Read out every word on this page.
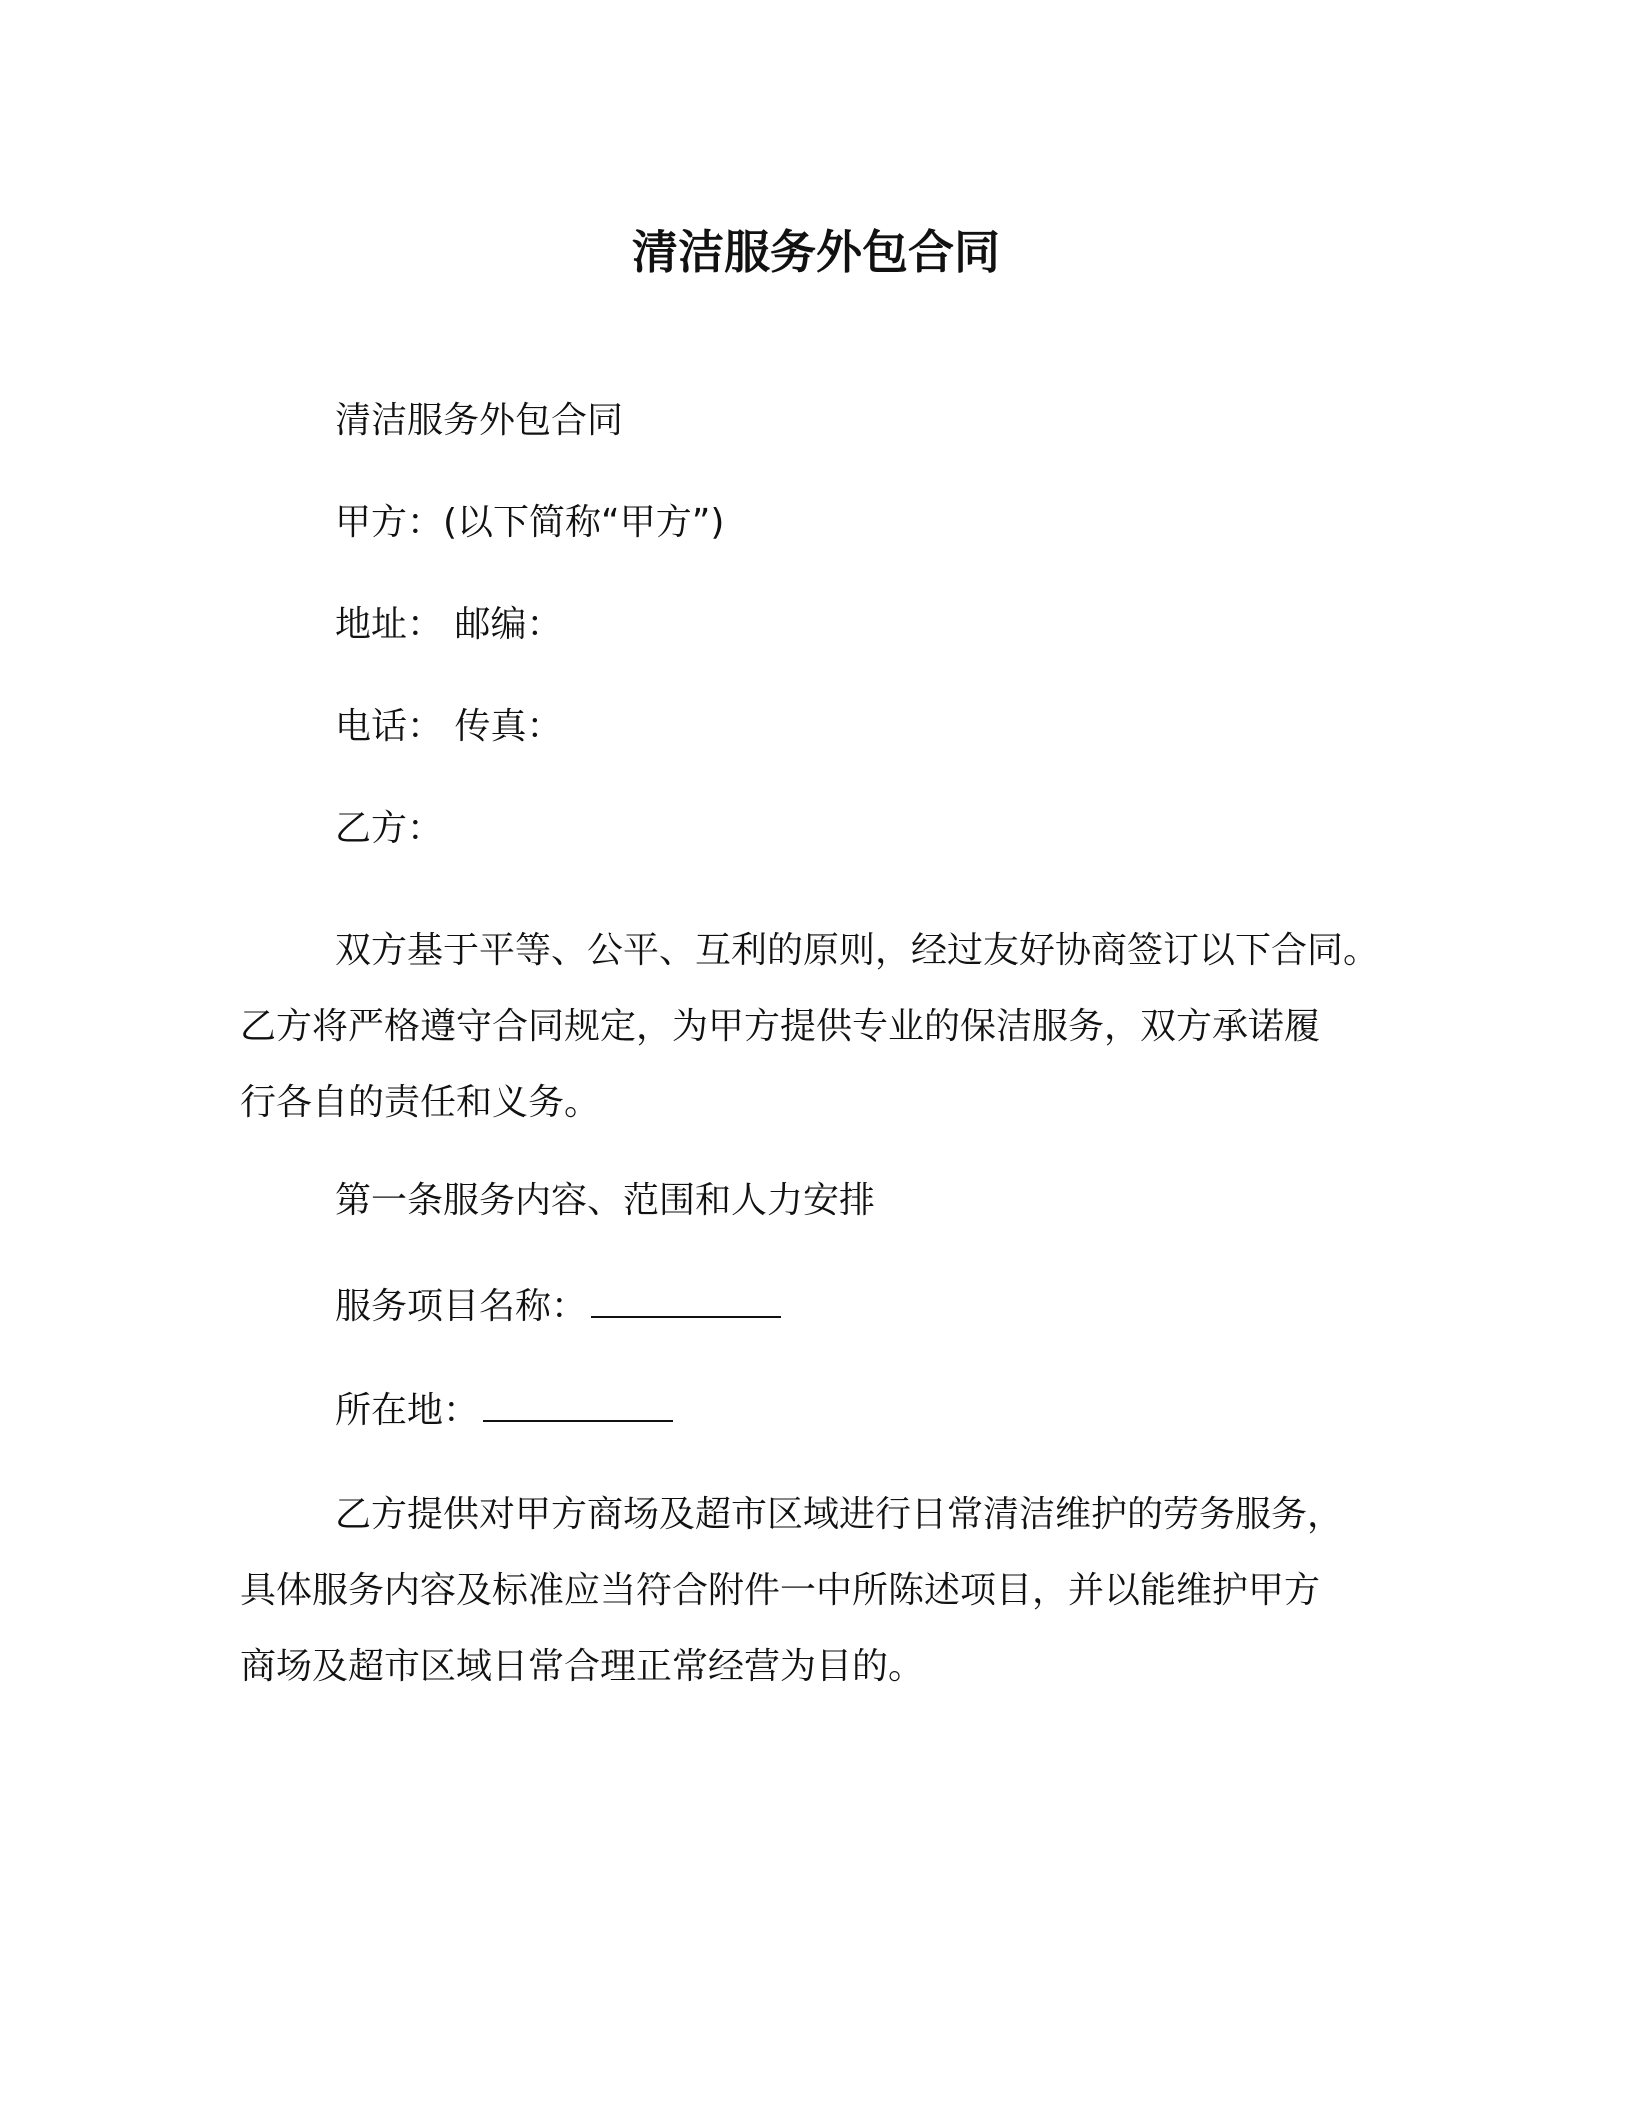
清洁服务外包合同
清洁服务外包合同
甲方：(以下简称“甲方”)
地址： 邮编：
电话： 传真：
乙方：
双方基于平等、公平、互利的原则，经过友好协商签订以下合同。
乙方将严格遵守合同规定，为甲方提供专业的保洁服务，双方承诺履
行各自的责任和义务。
第一条服务内容、范围和人力安排
服务项目名称：
所在地：
乙方提供对甲方商场及超市区域进行日常清洁维护的劳务服务，
具体服务内容及标准应当符合附件一中所陈述项目，并以能维护甲方
商场及超市区域日常合理正常经营为目的。
